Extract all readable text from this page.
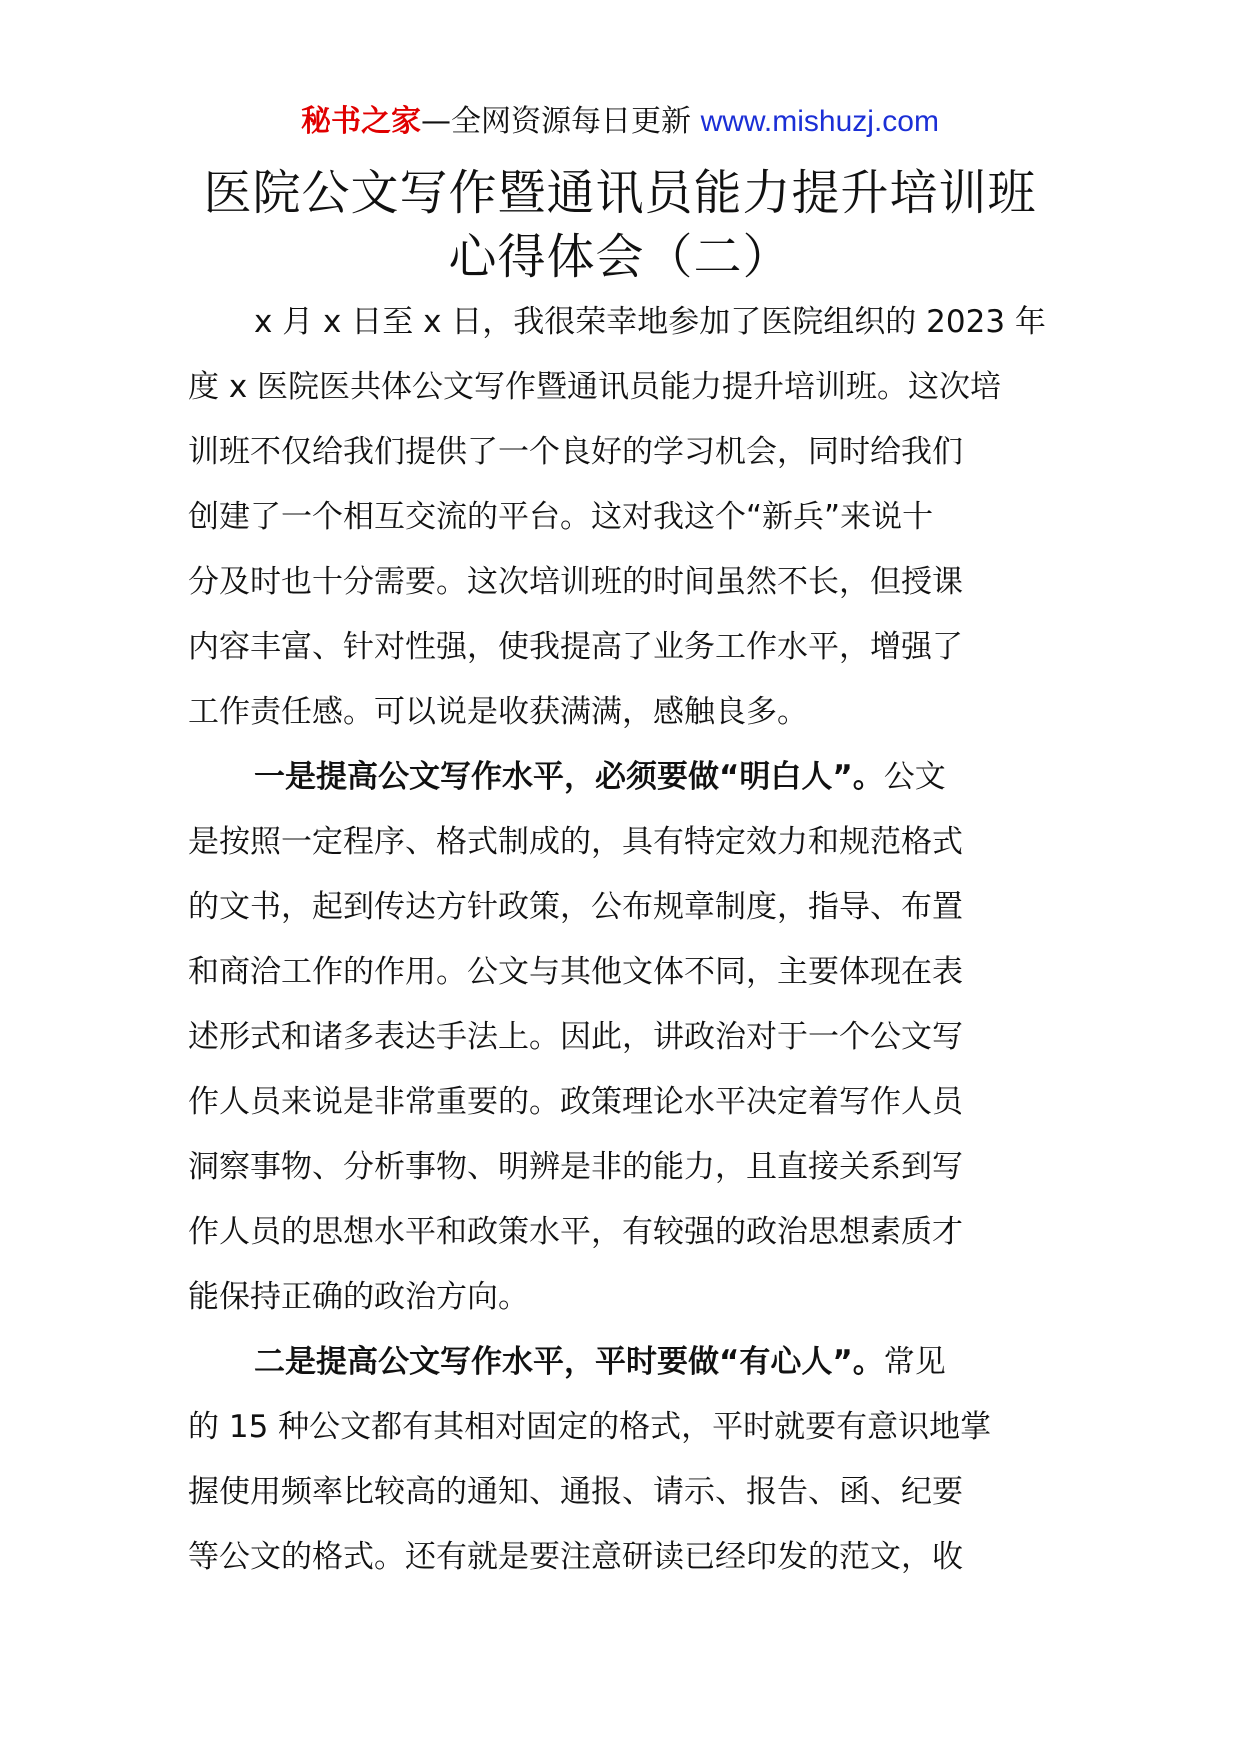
秘书之家—全网资源每日更新 www.mishuzj.com
医院公文写作暨通讯员能力提升培训班
心得体会（二）
x 月 x 日至 x 日，我很荣幸地参加了医院组织的 2023 年
度 x 医院医共体公文写作暨通讯员能力提升培训班。这次培
训班不仅给我们提供了一个良好的学习机会，同时给我们
创建了一个相互交流的平台。这对我这个“新兵”来说十
分及时也十分需要。这次培训班的时间虽然不长，但授课
内容丰富、针对性强，使我提高了业务工作水平，增强了
工作责任感。可以说是收获满满，感触良多。
一是提高公文写作水平，必须要做“明白人”。公文
是按照一定程序、格式制成的，具有特定效力和规范格式
的文书，起到传达方针政策，公布规章制度，指导、布置
和商洽工作的作用。公文与其他文体不同，主要体现在表
述形式和诸多表达手法上。因此，讲政治对于一个公文写
作人员来说是非常重要的。政策理论水平决定着写作人员
洞察事物、分析事物、明辨是非的能力，且直接关系到写
作人员的思想水平和政策水平，有较强的政治思想素质才
能保持正确的政治方向。
二是提高公文写作水平，平时要做“有心人”。常见
的 15 种公文都有其相对固定的格式，平时就要有意识地掌
握使用频率比较高的通知、通报、请示、报告、函、纪要
等公文的格式。还有就是要注意研读已经印发的范文，收
